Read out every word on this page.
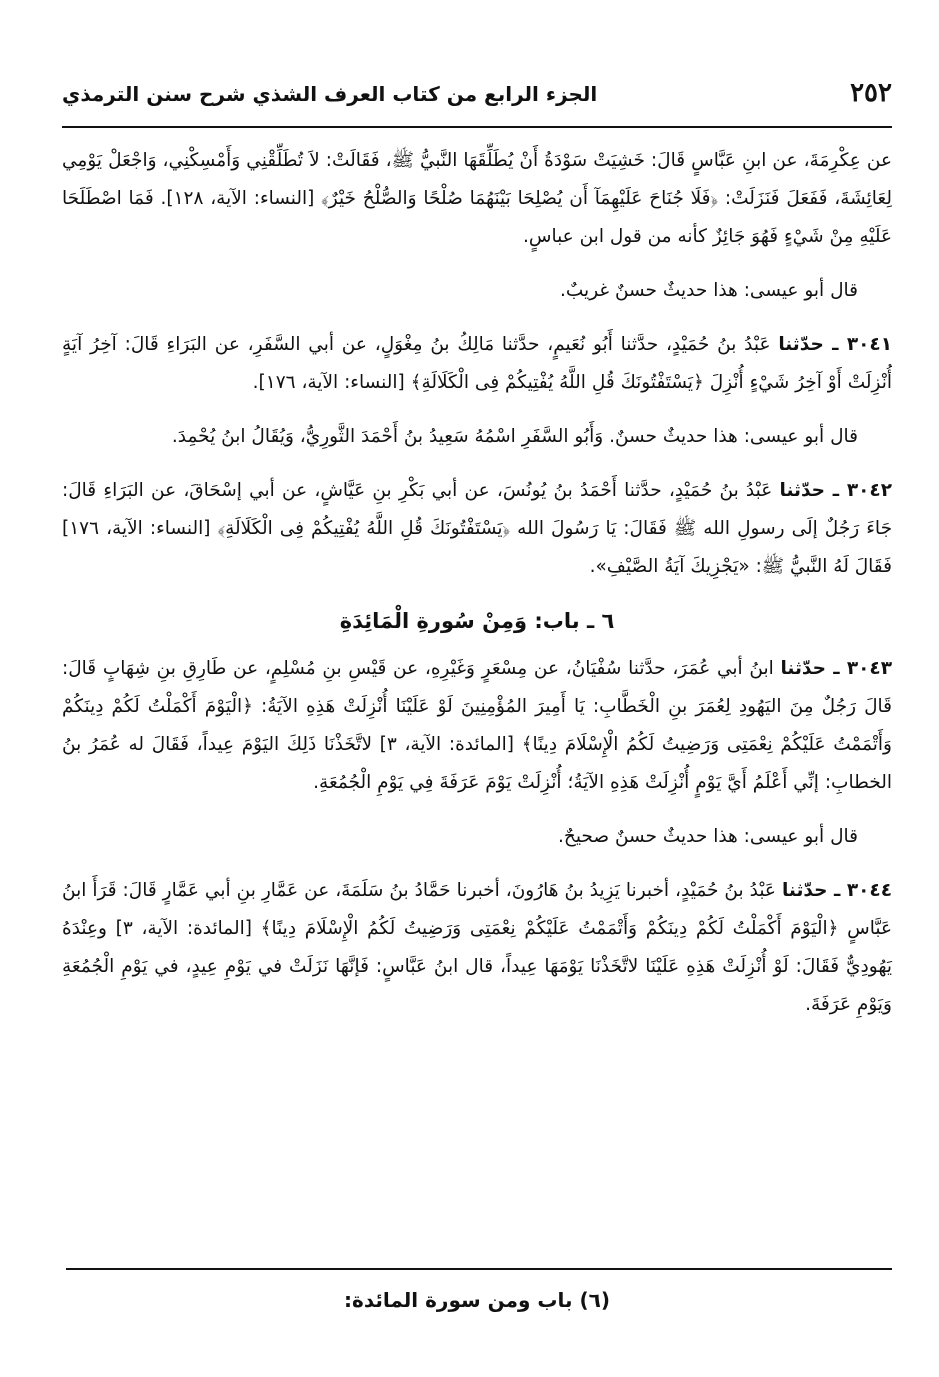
٢٥٢
الجزء الرابع من كتاب العرف الشذي شرح سنن الترمذي

عن عِكْرِمَةَ، عن ابنِ عَبَّاسٍ قَالَ: خَشِيَتْ سَوْدَةُ أَنْ يُطَلِّقَهَا النَّبيُّ ﷺ، فَقَالَتْ: لاَ تُطَلِّقْنِي وَأَمْسِكْنِي، وَاجْعَلْ يَوْمِي لِعَائِشَةَ، فَفَعَلَ فَنَزَلَتْ: ﴿فَلَا جُنَاحَ عَلَيْهِمَآ أَن يُصْلِحَا بَيْنَهُمَا صُلْحًا وَالصُّلْحُ خَيْرٌ﴾ [النساء: الآية، ١٢٨]. فَمَا اصْطَلَحَا عَلَيْهِ مِنْ شَيْءٍ فَهُوَ جَائِزٌ كأنه من قول ابن عباسٍ.

قال أبو عيسى: هذا حديثٌ حسنٌ غريبٌ.

٣٠٤١ ـ حدّثنا عَبْدُ بنُ حُمَيْدٍ، حدَّثنا أَبُو نُعَيمٍ، حدَّثنا مَالِكُ بنُ مِغْوَلٍ، عن أبي السَّفَرِ، عن البَرَاءِ قَالَ: آخِرُ آيَةٍ أُنْزِلَتْ أَوْ آخِرُ شَيْءٍ أُنْزِلَ ﴿يَسْتَفْتُونَكَ قُلِ اللَّهُ يُفْتِيكُمْ فِى الْكَلَالَةِ﴾ [النساء: الآية، ١٧٦].

قال أبو عيسى: هذا حديثٌ حسنٌ. وَأَبُو السَّفَرِ اسْمُهُ سَعِيدُ بنُ أَحْمَدَ الثَّورِيُّ، وَيُقَالُ ابنُ يُحْمِدَ.

٣٠٤٢ ـ حدّثنا عَبْدُ بنُ حُمَيْدٍ، حدَّثنا أَحْمَدُ بنُ يُونُسَ، عن أبي بَكْرِ بنِ عَيَّاشٍ، عن أبي إسْحَاقَ، عن البَرَاءِ قَالَ: جَاءَ رَجُلٌ إلَى رسولِ الله ﷺ فَقَالَ: يَا رَسُولَ الله ﴿يَسْتَفْتُونَكَ قُلِ اللَّهُ يُفْتِيكُمْ فِى الْكَلَالَةِ﴾ [النساء: الآية، ١٧٦] فَقَالَ لَهُ النَّبيُّ ﷺ: «يَجْزِيكَ آيَةُ الصَّيْفِ».

٦ ـ باب: وَمِنْ سُورةِ الْمَائِدَةِ

٣٠٤٣ ـ حدّثنا ابنُ أبي عُمَرَ، حدَّثنا سُفْيَانُ، عن مِسْعَرٍ وَغَيْرِهِ، عن قَيْسِ بنِ مُسْلِمٍ، عن طَارِقِ بنِ شِهَابٍ قَالَ: قَالَ رَجُلٌ مِنَ اليَهُودِ لِعُمَرَ بنِ الْخَطَّابِ: يَا أَمِيرَ المُؤْمِنِينَ لَوْ عَلَيْنَا أُنْزِلَتْ هَذِهِ الآيَةُ: ﴿الْيَوْمَ أَكْمَلْتُ لَكُمْ دِينَكُمْ وَأَتْمَمْتُ عَلَيْكُمْ نِعْمَتِى وَرَضِيتُ لَكُمُ الْإِسْلَامَ دِينًا﴾ [المائدة: الآية، ٣] لاتَّخَذْنَا ذَلِكَ اليَوْمَ عِيداً، فَقَالَ له عُمَرُ بنُ الخطابِ: إنِّي أَعْلَمُ أَيَّ يَوْمٍ أُنْزِلَتْ هَذِهِ الآيَةُ؛ أُنْزِلَتْ يَوْمَ عَرَفَةَ فِي يَوْمِ الْجُمُعَةِ.

قال أبو عيسى: هذا حديثٌ حسنٌ صحيحٌ.

٣٠٤٤ ـ حدّثنا عَبْدُ بنُ حُمَيْدٍ، أخبرنا يَزِيدُ بنُ هَارُونَ، أخبرنا حَمَّادُ بنُ سَلَمَةَ، عن عَمَّارِ بنِ أبي عَمَّارٍ قَالَ: قَرَأَ ابنُ عَبَّاسٍ ﴿الْيَوْمَ أَكْمَلْتُ لَكُمْ دِينَكُمْ وَأَتْمَمْتُ عَلَيْكُمْ نِعْمَتِى وَرَضِيتُ لَكُمُ الْإِسْلَامَ دِينًا﴾ [المائدة: الآية، ٣] وعِنْدَهُ يَهُودِيٌّ فَقَالَ: لَوْ أُنْزِلَتْ هَذِهِ عَلَيْنَا لاتَّخَذْنَا يَوْمَهَا عِيداً، قال ابنُ عَبَّاسٍ: فَإنَّهَا نَزَلَتْ في يَوْمِ عِيدٍ، في يَوْمِ الْجُمُعَةِ وَيَوْمِ عَرَفَةَ.

(٦) باب ومن سورة المائدة:
